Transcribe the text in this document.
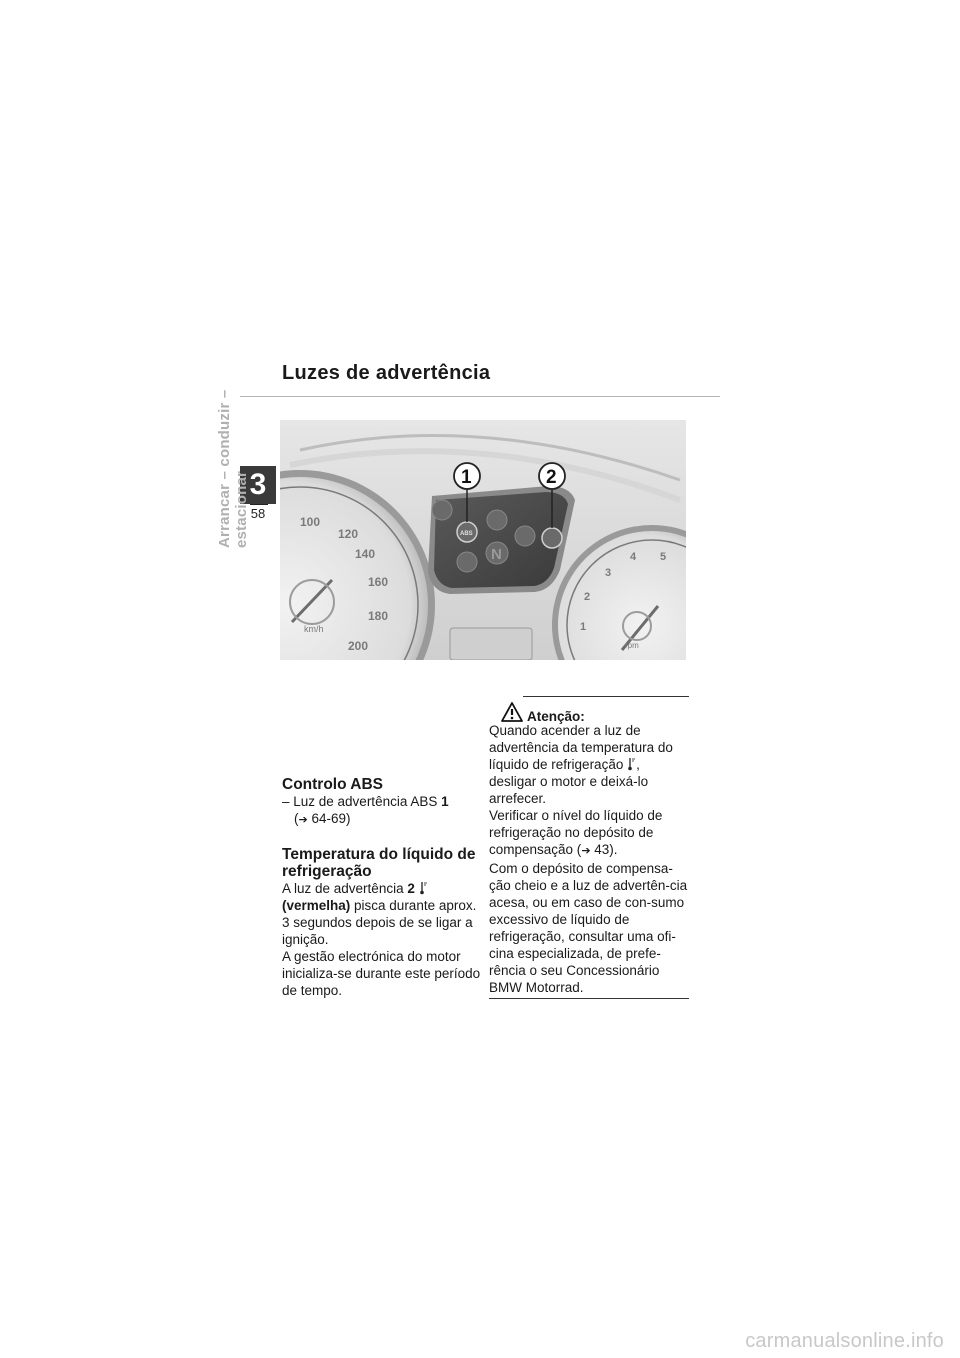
Luzes de advertência
3
58
Arrancar – conduzir – estacionar	100
120
140
160
180
200
km/h
ABS
N
1	2
1
2
3
4 5
rpm

Controlo ABS

– Luz de advertência ABS 1

(➔ 64-69)

Temperatura do líquido de refrigeração

A luz de advertência 2  (vermelha) pisca durante aprox. 3 segundos depois de se ligar a ignição.

A gestão electrónica do motor inicializa-se durante este período de tempo.

Atenção:

Quando acender a luz de advertência da temperatura do líquido de refrigeração , desligar o motor e deixá-lo arrefecer.

Verificar o nível do líquido de refrigeração no depósito de compensação (➔ 43).

Com o depósito de compensa-ção cheio e a luz de advertên-cia acesa, ou em caso de con-sumo excessivo de líquido de refrigeração, consultar uma ofi-cina especializada, de prefe-rência o seu Concessionário BMW Motorrad.

carmanualsonline.info
